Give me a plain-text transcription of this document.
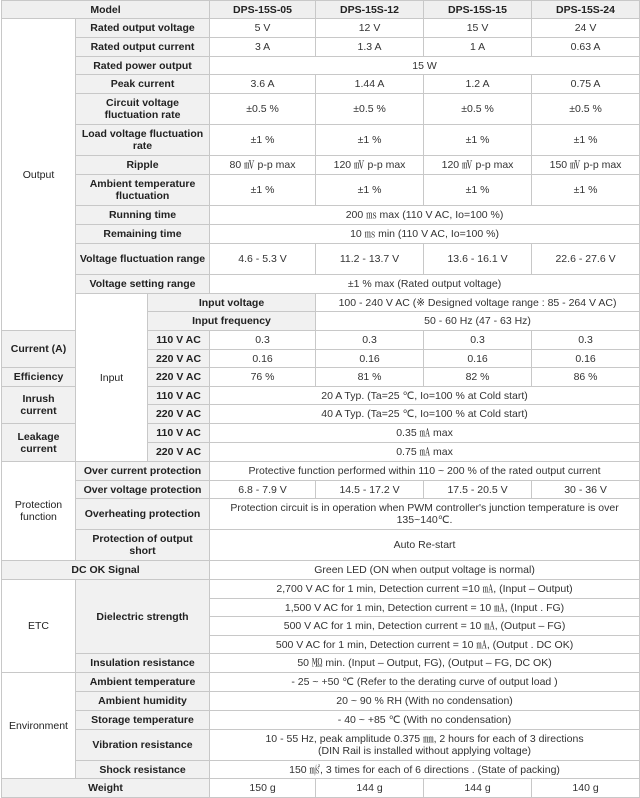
Model			DPS-15S-05	DPS-15S-12	DPS-15S-15	DPS-15S-24
Output	Rated output voltage		5 V	12 V	15 V	24 V
	Rated output current		3 A	1.3 A	1 A	0.63 A
	Rated power output		15 W			
	Peak current		3.6 A	1.44 A	1.2 A	0.75 A
	Circuit voltage fluctuation rate		±0.5 %	±0.5 %	±0.5 %	±0.5 %
	Load voltage fluctuation rate		±1 %	±1 %	±1 %	±1 %
	Ripple		80 ㎷ p-p max	120 ㎷ p-p max	120 ㎷ p-p max	150 ㎷ p-p max
	Ambient temperature fluctuation		±1 %	±1 %	±1 %	±1 %
	Running time		200 ㎳ max (110 V AC, Io=100 %)			
	Remaining time		10 ㎳ min (110 V AC, Io=100 %)			
	Voltage fluctuation range		4.6 - 5.3 V	11.2 - 13.7 V	13.6 - 16.1 V	22.6 - 27.6 V
	Voltage setting range		±1 % max (Rated output voltage)			
	Input	Input voltage		100 - 240 V AC (※ Designed voltage range : 85 - 264 V AC)		
		Input frequency		50 - 60 Hz (47 - 63 Hz)		
Current (A)		110 V AC	0.3	0.3	0.3	0.3
		220 V AC	0.16	0.16	0.16	0.16
Efficiency		220 V AC	76 %	81 %	82 %	86 %
Inrush current		110 V AC	20 A Typ. (Ta=25 ℃, Io=100 % at Cold start)			
		220 V AC	40 A Typ. (Ta=25 ℃, Io=100 % at Cold start)			
Leakage current		110 V AC	0.35 ㎃ max			
		220 V AC	0.75 ㎃ max			
Protection function	Over current protection		Protective function performed within 110 ~ 200 % of the rated output current			
	Over voltage protection		6.8 - 7.9 V	14.5 - 17.2 V	17.5 - 20.5 V	30 - 36 V
	Overheating protection		Protection circuit is in operation when PWM controller's junction temperature is over 135~140℃.			
	Protection of output short		Auto Re-start			
DC OK Signal			Green LED (ON when output voltage is normal)			
ETC	Dielectric strength		2,700 V AC for 1 min, Detection current =10 ㎃, (Input – Output)			
			1,500 V AC for 1 min, Detection current = 10 ㎃, (Input . FG)			
			500 V AC for 1 min, Detection current = 10 ㎃, (Output – FG)			
			500 V AC for 1 min, Detection current = 10 ㎃, (Output . DC OK)			
	Insulation resistance		50 ㏁ min. (Input – Output, FG), (Output – FG, DC OK)			
Environment	Ambient temperature		- 25 ~ +50 ℃ (Refer to the derating curve of output load )			
	Ambient humidity		20 ~ 90 % RH (With no condensation)			
	Storage temperature		- 40 ~ +85 ℃ (With no condensation)			
	Vibration resistance		10 - 55 Hz, peak amplitude 0.375 ㎜, 2 hours for each of 3 directions
(DIN Rail is installed without applying voltage)			

	Shock resistance		150 ㎨, 3 times for each of 6 directions . (State of packing)			
Weight			150 g	144 g	144 g	140 g
